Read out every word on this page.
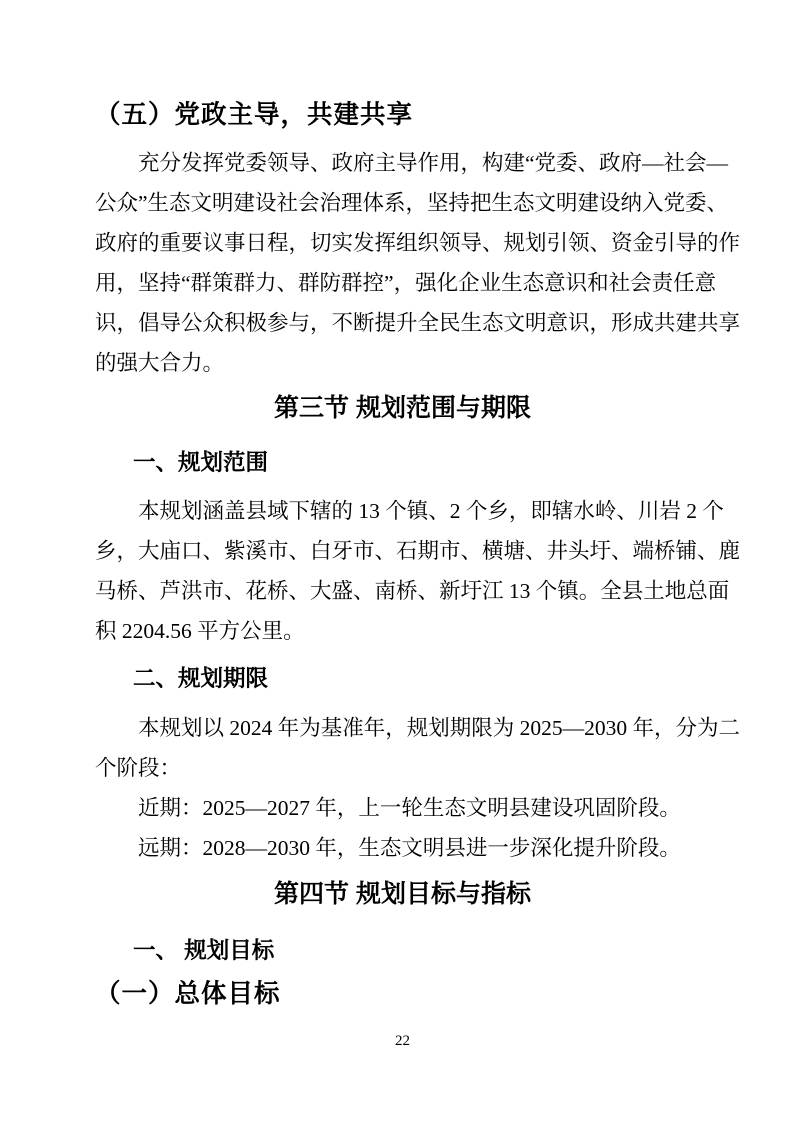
（五）党政主导，共建共享
充分发挥党委领导、政府主导作用，构建“党委、政府—社会—
公众”生态文明建设社会治理体系，坚持把生态文明建设纳入党委、
政府的重要议事日程，切实发挥组织领导、规划引领、资金引导的作
用，坚持“群策群力、群防群控”，强化企业生态意识和社会责任意
识，倡导公众积极参与，不断提升全民生态文明意识，形成共建共享
的强大合力。
第三节 规划范围与期限
一、规划范围
本规划涵盖县域下辖的 13 个镇、2 个乡，即辖水岭、川岩 2 个
乡，大庙口、紫溪市、白牙市、石期市、横塘、井头圩、端桥铺、鹿
马桥、芦洪市、花桥、大盛、南桥、新圩江 13 个镇。全县土地总面
积 2204.56 平方公里。
二、规划期限
本规划以 2024 年为基准年，规划期限为 2025—2030 年，分为二
个阶段：
近期：2025—2027 年，上一轮生态文明县建设巩固阶段。
远期：2028—2030 年，生态文明县进一步深化提升阶段。
第四节 规划目标与指标
一、 规划目标
（一）总体目标
22
